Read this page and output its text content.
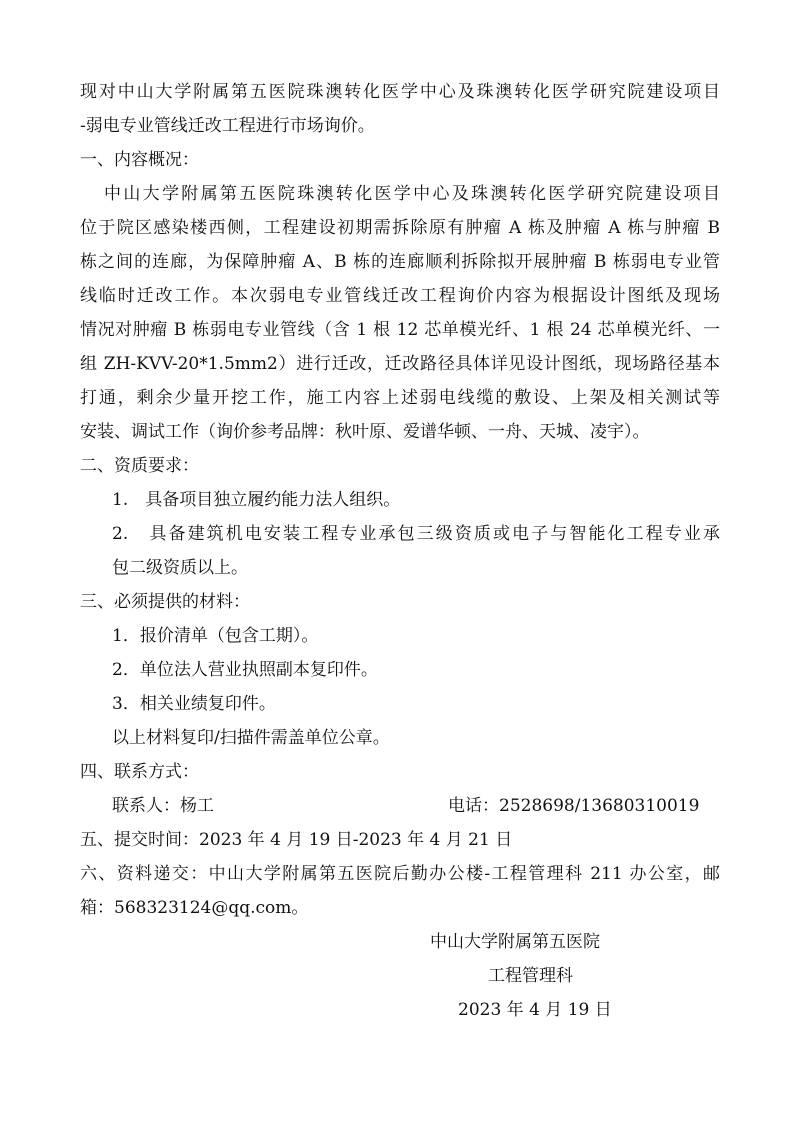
现对中山大学附属第五医院珠澳转化医学中心及珠澳转化医学研究院建设项目
-弱电专业管线迁改工程进行市场询价。
一、内容概况：
中山大学附属第五医院珠澳转化医学中心及珠澳转化医学研究院建设项目
位于院区感染楼西侧，工程建设初期需拆除原有肿瘤 A 栋及肿瘤 A 栋与肿瘤 B
栋之间的连廊，为保障肿瘤 A、B 栋的连廊顺利拆除拟开展肿瘤 B 栋弱电专业管
线临时迁改工作。本次弱电专业管线迁改工程询价内容为根据设计图纸及现场
情况对肿瘤 B 栋弱电专业管线（含 1 根 12 芯单模光纤、1 根 24 芯单模光纤、一
组 ZH-KVV-20*1.5mm2）进行迁改，迁改路径具体详见设计图纸，现场路径基本
打通，剩余少量开挖工作，施工内容上述弱电线缆的敷设、上架及相关测试等
安装、调试工作（询价参考品牌：秋叶原、爱谱华顿、一舟、天城、凌宇）。
二、资质要求：
1.　具备项目独立履约能力法人组织。
2.　具备建筑机电安装工程专业承包三级资质或电子与智能化工程专业承
包二级资质以上。
三、必须提供的材料：
1．报价清单（包含工期）。
2．单位法人营业执照副本复印件。
3．相关业绩复印件。
以上材料复印/扫描件需盖单位公章。
四、联系方式：
联系人：杨工	电话：2528698/13680310019
五、提交时间：2023 年 4 月 19 日-2023 年 4 月 21 日
六、资料递交：中山大学附属第五医院后勤办公楼-工程管理科 211 办公室，邮
箱：568323124@qq.com。
中山大学附属第五医院
工程管理科
2023 年 4 月 19 日
